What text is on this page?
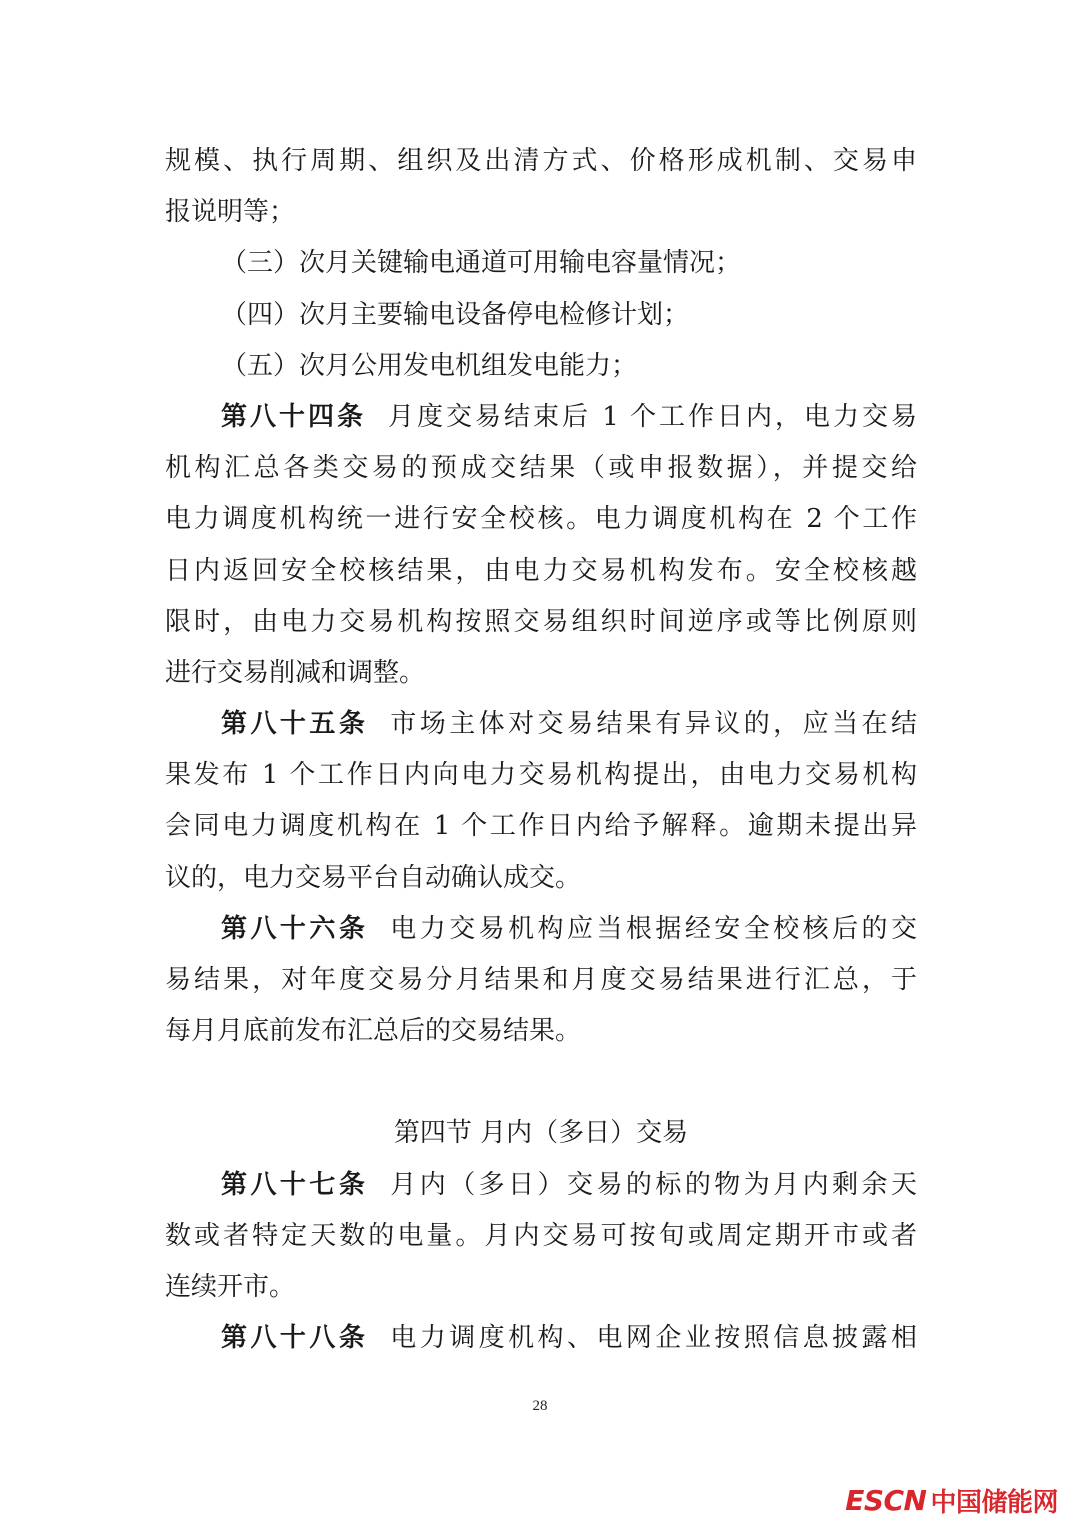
规模、执行周期、组织及出清方式、价格形成机制、交易申
报说明等；
（三）次月关键输电通道可用输电容量情况；
（四）次月主要输电设备停电检修计划；
（五）次月公用发电机组发电能力；
第八十四条 月度交易结束后 1 个工作日内，电力交易
机构汇总各类交易的预成交结果（或申报数据），并提交给
电力调度机构统一进行安全校核。电力调度机构在 2 个工作
日内返回安全校核结果，由电力交易机构发布。安全校核越
限时，由电力交易机构按照交易组织时间逆序或等比例原则
进行交易削减和调整。
第八十五条 市场主体对交易结果有异议的，应当在结
果发布 1 个工作日内向电力交易机构提出，由电力交易机构
会同电力调度机构在 1 个工作日内给予解释。逾期未提出异
议的，电力交易平台自动确认成交。
第八十六条 电力交易机构应当根据经安全校核后的交
易结果，对年度交易分月结果和月度交易结果进行汇总，于
每月月底前发布汇总后的交易结果。
第四节 月内（多日）交易
第八十七条 月内（多日）交易的标的物为月内剩余天
数或者特定天数的电量。月内交易可按旬或周定期开市或者
连续开市。
第八十八条 电力调度机构、电网企业按照信息披露相
28
ESCN 中国储能网
